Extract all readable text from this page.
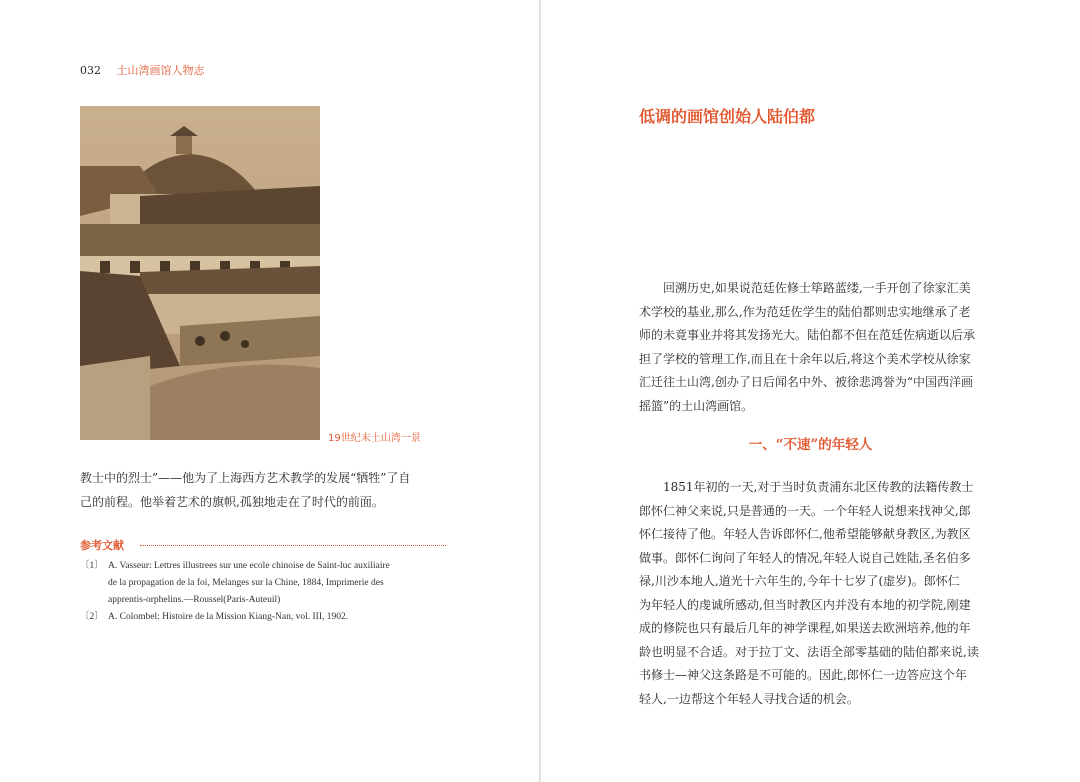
032 土山湾画馆人物志
19世纪末土山湾一景
教士中的烈士”——他为了上海西方艺术教学的发展“牺牲”了自
己的前程。他举着艺术的旗帜,孤独地走在了时代的前面。
参考文献
〔1〕 A. Vasseur: Lettres illustrees sur une ecole chinoise de Saint-luc auxiliaire
de la propagation de la foi, Melanges sur la Chine, 1884, Imprimerie des
apprentis-orphelins.—Roussel(Paris-Auteuil)
〔2〕 A. Colombel: Histoire de la Mission Kiang-Nan, vol. III, 1902.
低调的画馆创始人陆伯都
回溯历史,如果说范廷佐修士筚路蓝缕,一手开创了徐家汇美
术学校的基业,那么,作为范廷佐学生的陆伯都则忠实地继承了老
师的未竟事业并将其发扬光大。陆伯都不但在范廷佐病逝以后承
担了学校的管理工作,而且在十余年以后,将这个美术学校从徐家
汇迁往土山湾,创办了日后闻名中外、被徐悲鸿誉为“中国西洋画
摇篮”的土山湾画馆。
一、“不速”的年轻人
1851年初的一天,对于当时负责浦东北区传教的法籍传教士
郎怀仁神父来说,只是普通的一天。一个年轻人说想来找神父,郎
怀仁接待了他。年轻人告诉郎怀仁,他希望能够献身教区,为教区
做事。郎怀仁询问了年轻人的情况,年轻人说自己姓陆,圣名伯多
禄,川沙本地人,道光十六年生的,今年十七岁了(虚岁)。郎怀仁
为年轻人的虔诚所感动,但当时教区内并没有本地的初学院,刚建
成的修院也只有最后几年的神学课程,如果送去欧洲培养,他的年
龄也明显不合适。对于拉丁文、法语全部零基础的陆伯都来说,读
书修士—神父这条路是不可能的。因此,郎怀仁一边答应这个年
轻人,一边帮这个年轻人寻找合适的机会。
